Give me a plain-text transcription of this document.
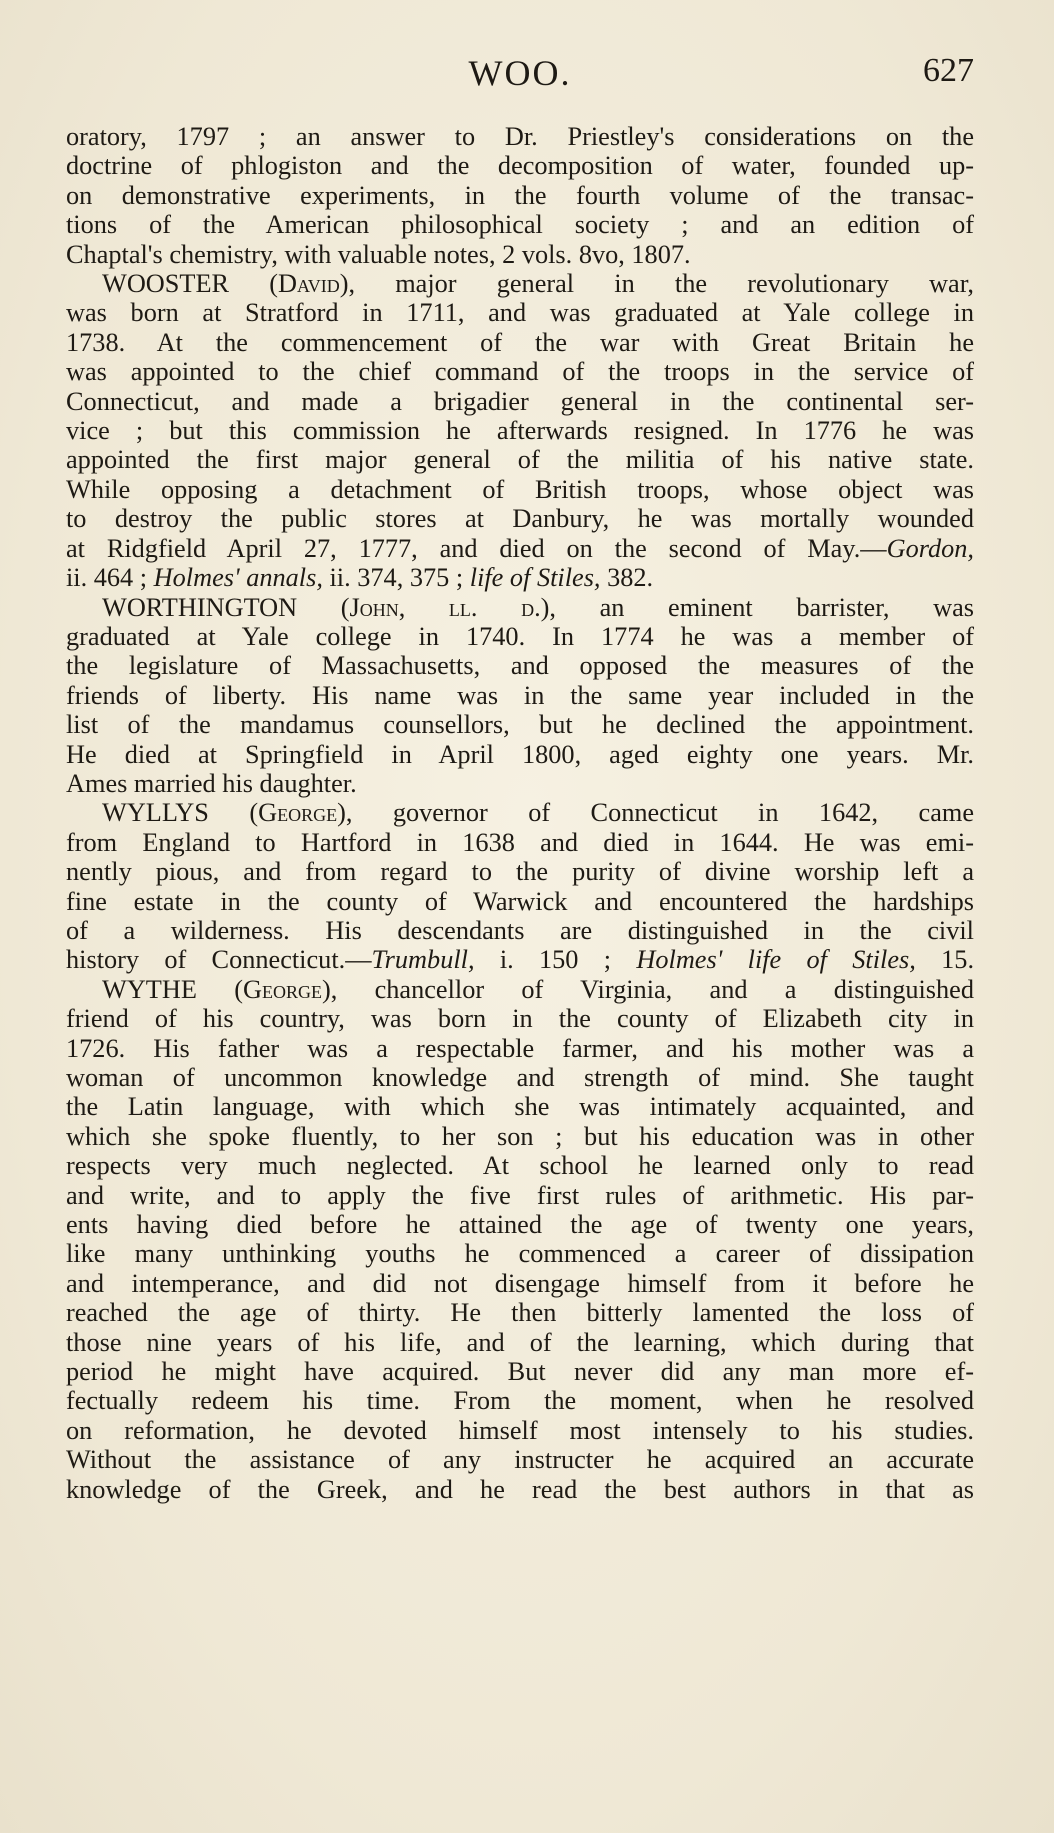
WOO.	627
oratory, 1797 ; an answer to Dr. Priestley's considerations on the
doctrine of phlogiston and the decomposition of water, founded up-
on demonstrative experiments, in the fourth volume of the transac-
tions of the American philosophical society ; and an edition of
Chaptal's chemistry, with valuable notes, 2 vols. 8vo, 1807.
WOOSTER (David), major general in the revolutionary war,
was born at Stratford in 1711, and was graduated at Yale college in
1738. At the commencement of the war with Great Britain he
was appointed to the chief command of the troops in the service of
Connecticut, and made a brigadier general in the continental ser-
vice ; but this commission he afterwards resigned. In 1776 he was
appointed the first major general of the militia of his native state.
While opposing a detachment of British troops, whose object was
to destroy the public stores at Danbury, he was mortally wounded
at Ridgfield April 27, 1777, and died on the second of May.—Gordon,
ii. 464 ; Holmes' annals, ii. 374, 375 ; life of Stiles, 382.
WORTHINGTON (John, ll. d.), an eminent barrister, was
graduated at Yale college in 1740. In 1774 he was a member of
the legislature of Massachusetts, and opposed the measures of the
friends of liberty. His name was in the same year included in the
list of the mandamus counsellors, but he declined the appointment.
He died at Springfield in April 1800, aged eighty one years. Mr.
Ames married his daughter.
WYLLYS (George), governor of Connecticut in 1642, came
from England to Hartford in 1638 and died in 1644. He was emi-
nently pious, and from regard to the purity of divine worship left a
fine estate in the county of Warwick and encountered the hardships
of a wilderness. His descendants are distinguished in the civil
history of Connecticut.—Trumbull, i. 150 ; Holmes' life of Stiles, 15.
WYTHE (George), chancellor of Virginia, and a distinguished
friend of his country, was born in the county of Elizabeth city in
1726. His father was a respectable farmer, and his mother was a
woman of uncommon knowledge and strength of mind. She taught
the Latin language, with which she was intimately acquainted, and
which she spoke fluently, to her son ; but his education was in other
respects very much neglected. At school he learned only to read
and write, and to apply the five first rules of arithmetic. His par-
ents having died before he attained the age of twenty one years,
like many unthinking youths he commenced a career of dissipation
and intemperance, and did not disengage himself from it before he
reached the age of thirty. He then bitterly lamented the loss of
those nine years of his life, and of the learning, which during that
period he might have acquired. But never did any man more ef-
fectually redeem his time. From the moment, when he resolved
on reformation, he devoted himself most intensely to his studies.
Without the assistance of any instructer he acquired an accurate
knowledge of the Greek, and he read the best authors in that as
